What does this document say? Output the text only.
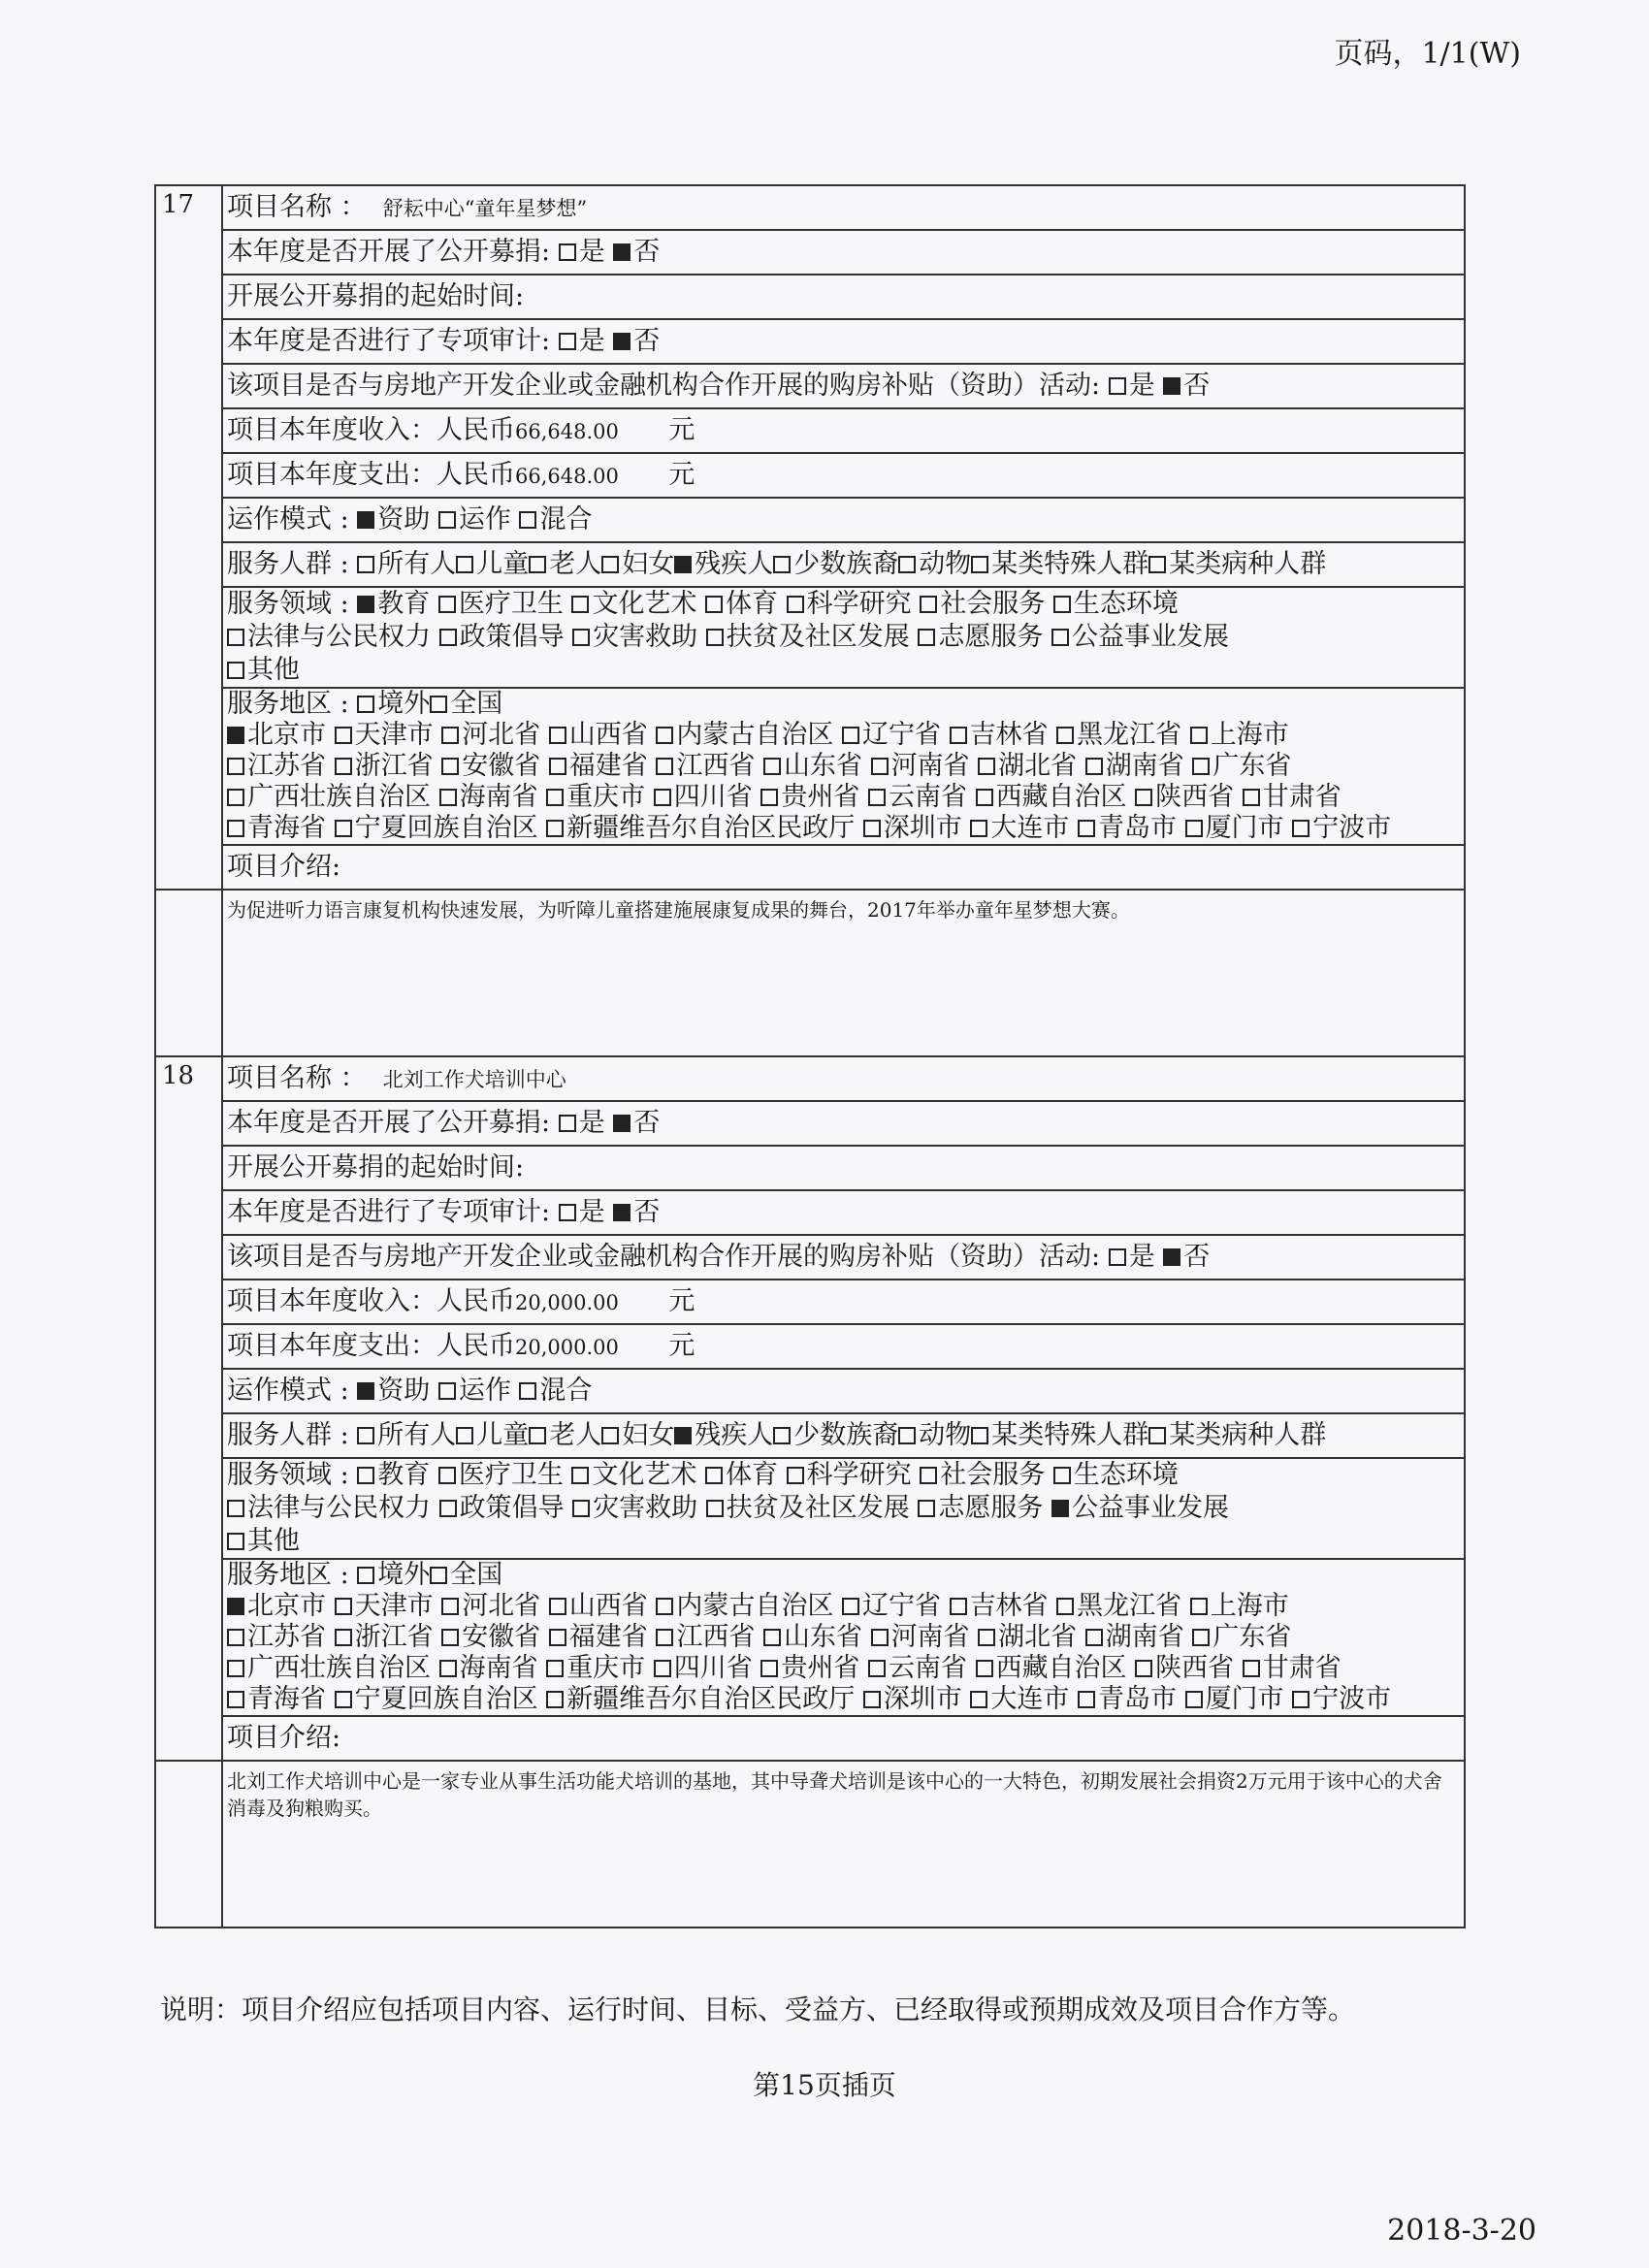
页码，1/1(W)
17	项目名称 ： 舒耘中心“童年星梦想”
	本年度是否开展了公开募捐: 是 否
	开展公开募捐的起始时间:
	本年度是否进行了专项审计: 是 否
	该项目是否与房地产开发企业或金融机构合作开展的购房补贴（资助）活动: 是 否
	项目本年度收入：人民币66,648.00 元
	项目本年度支出：人民币66,648.00 元
	运作模式 : 资助 运作 混合
	服务人群 : 所有人 儿童 老人 妇女 残疾人 少数族裔 动物 某类特殊人群 某类病种人群
	服务领域 : 教育 医疗卫生 文化艺术 体育 科学研究 社会服务 生态环境
法律与公民权力 政策倡导 灾害救助 扶贫及社区发展 志愿服务 公益事业发展
其他
	服务地区 : 境外 全国
北京市 天津市 河北省 山西省 内蒙古自治区 辽宁省 吉林省 黑龙江省 上海市
江苏省 浙江省 安徽省 福建省 江西省 山东省 河南省 湖北省 湖南省 广东省
广西壮族自治区 海南省 重庆市 四川省 贵州省 云南省 西藏自治区 陕西省 甘肃省
青海省 宁夏回族自治区 新疆维吾尔自治区民政厅 深圳市 大连市 青岛市 厦门市 宁波市
	项目介绍:

	为促进听力语言康复机构快速发展，为听障儿童搭建施展康复成果的舞台，2017年举办童年星梦想大赛。
18	项目名称 ： 北刘工作犬培训中心
	本年度是否开展了公开募捐: 是 否
	开展公开募捐的起始时间:
	本年度是否进行了专项审计: 是 否
	该项目是否与房地产开发企业或金融机构合作开展的购房补贴（资助）活动: 是 否
	项目本年度收入：人民币20,000.00 元
	项目本年度支出：人民币20,000.00 元
	运作模式 : 资助 运作 混合
	服务人群 : 所有人 儿童 老人 妇女 残疾人 少数族裔 动物 某类特殊人群 某类病种人群
	服务领域 : 教育 医疗卫生 文化艺术 体育 科学研究 社会服务 生态环境
法律与公民权力 政策倡导 灾害救助 扶贫及社区发展 志愿服务 公益事业发展
其他
	服务地区 : 境外 全国
北京市 天津市 河北省 山西省 内蒙古自治区 辽宁省 吉林省 黑龙江省 上海市
江苏省 浙江省 安徽省 福建省 江西省 山东省 河南省 湖北省 湖南省 广东省
广西壮族自治区 海南省 重庆市 四川省 贵州省 云南省 西藏自治区 陕西省 甘肃省
青海省 宁夏回族自治区 新疆维吾尔自治区民政厅 深圳市 大连市 青岛市 厦门市 宁波市
	项目介绍:

	北刘工作犬培训中心是一家专业从事生活功能犬培训的基地，其中导聋犬培训是该中心的一大特色，初期发展社会捐资2万元用于该中心的犬舍消毒及狗粮购买。
说明：项目介绍应包括项目内容、运行时间、目标、受益方、已经取得或预期成效及项目合作方等。
第15页插页
2018-3-20
